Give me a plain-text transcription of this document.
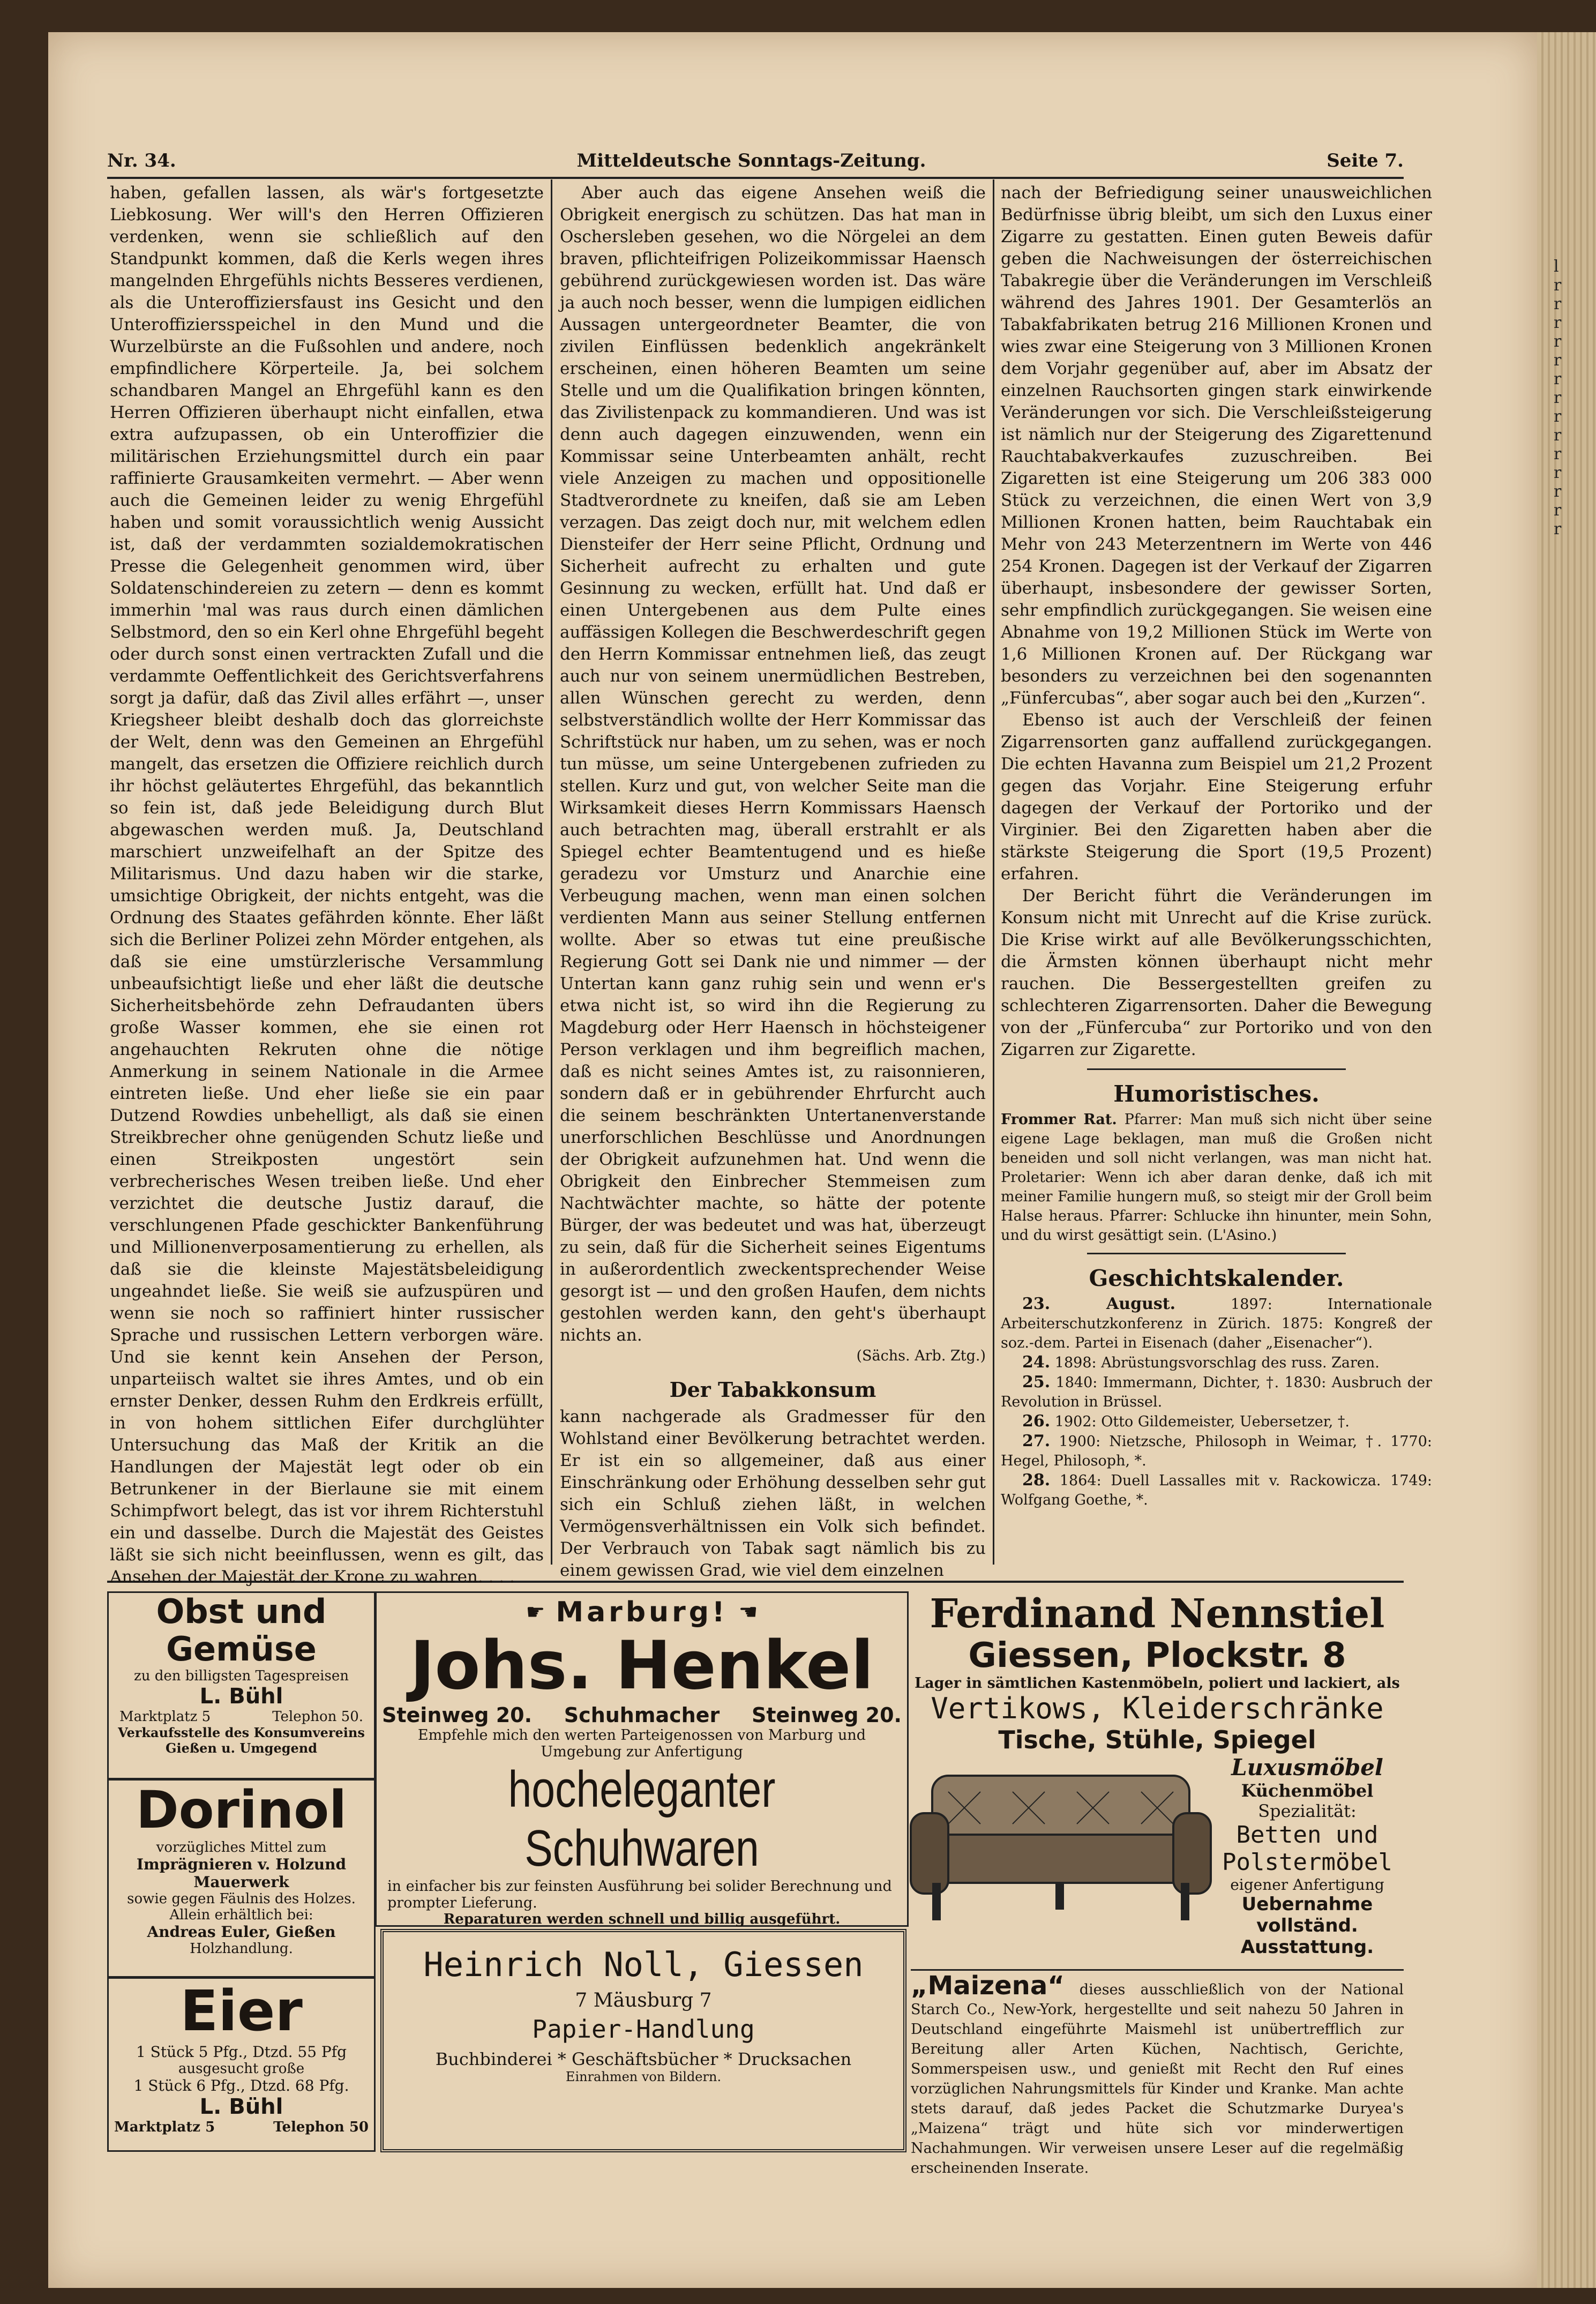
Nr. 34.	Mitteldeutsche Sonntags-Zeitung.	Seite 7.

haben, gefallen lassen, als wär's fortgesetzte Liebkosung. Wer will's den Herren Offizieren verdenken, wenn sie schließlich auf den Standpunkt kommen, daß die Kerls wegen ihres mangelnden Ehrgefühls nichts Besseres verdienen, als die Unteroffiziersfaust ins Gesicht und den Unteroffiziersspeichel in den Mund und die Wurzelbürste an die Fußsohlen und andere, noch empfindlichere Körperteile. Ja, bei solchem schandbaren Mangel an Ehrgefühl kann es den Herren Offizieren überhaupt nicht einfallen, etwa extra aufzupassen, ob ein Unteroffizier die militärischen Erziehungsmittel durch ein paar raffinierte Grausamkeiten vermehrt. — Aber wenn auch die Gemeinen leider zu wenig Ehrgefühl haben und somit voraussichtlich wenig Aussicht ist, daß der verdammten sozialdemokratischen Presse die Gelegenheit genommen wird, über Soldatenschindereien zu zetern — denn es kommt immerhin 'mal was raus durch einen dämlichen Selbstmord, den so ein Kerl ohne Ehrgefühl begeht oder durch sonst einen vertrackten Zufall und die verdammte Oeffentlichkeit des Gerichtsverfahrens sorgt ja dafür, daß das Zivil alles erfährt —, unser Kriegsheer bleibt deshalb doch das glorreichste der Welt, denn was den Gemeinen an Ehrgefühl mangelt, das ersetzen die Offiziere reichlich durch ihr höchst geläutertes Ehrgefühl, das bekanntlich so fein ist, daß jede Beleidigung durch Blut abgewaschen werden muß. Ja, Deutschland marschiert unzweifelhaft an der Spitze des Militarismus. Und dazu haben wir die starke, umsichtige Obrigkeit, der nichts entgeht, was die Ordnung des Staates gefährden könnte. Eher läßt sich die Berliner Polizei zehn Mörder entgehen, als daß sie eine umstürzlerische Versammlung unbeaufsichtigt ließe und eher läßt die deutsche Sicherheitsbehörde zehn Defraudanten übers große Wasser kommen, ehe sie einen rot angehauchten Rekruten ohne die nötige Anmerkung in seinem Nationale in die Armee eintreten ließe. Und eher ließe sie ein paar Dutzend Rowdies unbehelligt, als daß sie einen Streikbrecher ohne genügenden Schutz ließe und einen Streikposten ungestört sein verbrecherisches Wesen treiben ließe. Und eher verzichtet die deutsche Justiz darauf, die verschlungenen Pfade geschickter Bankenführung und Millionenverposamentierung zu erhellen, als daß sie die kleinste Majestätsbeleidigung ungeahndet ließe. Sie weiß sie aufzuspüren und wenn sie noch so raffiniert hinter russischer Sprache und russischen Lettern verborgen wäre. Und sie kennt kein Ansehen der Person, unparteiisch waltet sie ihres Amtes, und ob ein ernster Denker, dessen Ruhm den Erdkreis erfüllt, in von hohem sittlichen Eifer durchglühter Untersuchung das Maß der Kritik an die Handlungen der Majestät legt oder ob ein Betrunkener in der Bierlaune sie mit einem Schimpfwort belegt, das ist vor ihrem Richterstuhl ein und dasselbe. Durch die Majestät des Geistes läßt sie sich nicht beeinflussen, wenn es gilt, das Ansehen der Majestät der Krone zu wahren. . . .

Aber auch das eigene Ansehen weiß die Obrigkeit energisch zu schützen. Das hat man in Oschersleben gesehen, wo die Nörgelei an dem braven, pflichteifrigen Polizeikommissar Haensch gebührend zurückgewiesen worden ist. Das wäre ja auch noch besser, wenn die lumpigen eidlichen Aussagen untergeordneter Beamter, die von zivilen Einflüssen bedenklich angekränkelt erscheinen, einen höheren Beamten um seine Stelle und um die Qualifikation bringen könnten, das Zivilistenpack zu kommandieren. Und was ist denn auch dagegen einzuwenden, wenn ein Kommissar seine Unterbeamten anhält, recht viele Anzeigen zu machen und oppositionelle Stadtverordnete zu kneifen, daß sie am Leben verzagen. Das zeigt doch nur, mit welchem edlen Diensteifer der Herr seine Pflicht, Ordnung und Sicherheit aufrecht zu erhalten und gute Gesinnung zu wecken, erfüllt hat. Und daß er einen Untergebenen aus dem Pulte eines auffässigen Kollegen die Beschwerdeschrift gegen den Herrn Kommissar entnehmen ließ, das zeugt auch nur von seinem unermüdlichen Bestreben, allen Wünschen gerecht zu werden, denn selbstverständlich wollte der Herr Kommissar das Schriftstück nur haben, um zu sehen, was er noch tun müsse, um seine Untergebenen zufrieden zu stellen. Kurz und gut, von welcher Seite man die Wirksamkeit dieses Herrn Kommissars Haensch auch betrachten mag, überall erstrahlt er als Spiegel echter Beamtentugend und es hieße geradezu vor Umsturz und Anarchie eine Verbeugung machen, wenn man einen solchen verdienten Mann aus seiner Stellung entfernen wollte. Aber so etwas tut eine preußische Regierung Gott sei Dank nie und nimmer — der Untertan kann ganz ruhig sein und wenn er's etwa nicht ist, so wird ihn die Regierung zu Magdeburg oder Herr Haensch in höchsteigener Person verklagen und ihm begreiflich machen, daß es nicht seines Amtes ist, zu raisonnieren, sondern daß er in gebührender Ehrfurcht auch die seinem beschränkten Untertanenverstande unerforschlichen Beschlüsse und Anordnungen der Obrigkeit aufzunehmen hat. Und wenn die Obrigkeit den Einbrecher Stemmeisen zum Nachtwächter machte, so hätte der potente Bürger, der was bedeutet und was hat, überzeugt zu sein, daß für die Sicherheit seines Eigentums in außerordentlich zweckentsprechender Weise gesorgt ist — und den großen Haufen, dem nichts gestohlen werden kann, den geht's überhaupt nichts an.

(Sächs. Arb. Ztg.)
Der Tabakkonsum

kann nachgerade als Gradmesser für den Wohlstand einer Bevölkerung betrachtet werden. Er ist ein so allgemeiner, daß aus einer Einschränkung oder Erhöhung desselben sehr gut sich ein Schluß ziehen läßt, in welchen Vermögensverhältnissen ein Volk sich befindet. Der Verbrauch von Tabak sagt nämlich bis zu einem gewissen Grad, wie viel dem einzelnen

nach der Befriedigung seiner unausweichlichen Bedürfnisse übrig bleibt, um sich den Luxus einer Zigarre zu gestatten. Einen guten Beweis dafür geben die Nachweisungen der österreichischen Tabakregie über die Veränderungen im Verschleiß während des Jahres 1901. Der Gesamterlös an Tabakfabrikaten betrug 216 Millionen Kronen und wies zwar eine Steigerung von 3 Millionen Kronen dem Vorjahr gegenüber auf, aber im Absatz der einzelnen Rauchsorten gingen stark einwirkende Veränderungen vor sich. Die Verschleißsteigerung ist nämlich nur der Steigerung des Zigarettenund Rauchtabakverkaufes zuzuschreiben. Bei Zigaretten ist eine Steigerung um 206 383 000 Stück zu verzeichnen, die einen Wert von 3,9 Millionen Kronen hatten, beim Rauchtabak ein Mehr von 243 Meterzentnern im Werte von 446 254 Kronen. Dagegen ist der Verkauf der Zigarren überhaupt, insbesondere der gewisser Sorten, sehr empfindlich zurückgegangen. Sie weisen eine Abnahme von 19,2 Millionen Stück im Werte von 1,6 Millionen Kronen auf. Der Rückgang war besonders zu verzeichnen bei den sogenannten „Fünfercubas“, aber sogar auch bei den „Kurzen“.

Ebenso ist auch der Verschleiß der feinen Zigarrensorten ganz auffallend zurückgegangen. Die echten Havanna zum Beispiel um 21,2 Prozent gegen das Vorjahr. Eine Steigerung erfuhr dagegen der Verkauf der Portoriko und der Virginier. Bei den Zigaretten haben aber die stärkste Steigerung die Sport (19,5 Prozent) erfahren.

Der Bericht führt die Veränderungen im Konsum nicht mit Unrecht auf die Krise zurück. Die Krise wirkt auf alle Bevölkerungsschichten, die Ärmsten können überhaupt nicht mehr rauchen. Die Bessergestellten greifen zu schlechteren Zigarrensorten. Daher die Bewegung von der „Fünfercuba“ zur Portoriko und von den Zigarren zur Zigarette.

Humoristisches.
Frommer Rat. Pfarrer: Man muß sich nicht über seine eigene Lage beklagen, man muß die Großen nicht beneiden und soll nicht verlangen, was man nicht hat. Proletarier: Wenn ich aber daran denke, daß ich mit meiner Familie hungern muß, so steigt mir der Groll beim Halse heraus. Pfarrer: Schlucke ihn hinunter, mein Sohn, und du wirst gesättigt sein. (L'Asino.)
Geschichtskalender.

23. August.	1897: Internationale Arbeiterschutzkonferenz in Zürich. 1875: Kongreß der soz.-dem. Partei in Eisenach (daher „Eisenacher“).

24. 1898: Abrüstungsvorschlag des russ. Zaren.

25. 1840: Immermann, Dichter, †. 1830: Ausbruch der Revolution in Brüssel.

26. 1902: Otto Gildemeister, Uebersetzer, †.

27. 1900: Nietzsche, Philosoph in Weimar, †. 1770: Hegel, Philosoph, *.

28. 1864: Duell Lassalles mit v. Rackowicza. 1749: Wolfgang Goethe, *.

Obst und
Gemüse
zu den billigsten Tagespreisen
L. Bühl
Marktplatz 5	Telephon 50.
Verkaufsstelle des Konsumvereins Gießen u. Umgegend
Dorinol
vorzügliches Mittel zum
Imprägnieren v. Holzund Mauerwerk
sowie gegen Fäulnis des Holzes.
Allein erhältlich bei:
Andreas Euler, Gießen
Holzhandlung.
Eier
1 Stück 5 Pfg., Dtzd. 55 Pfg
ausgesucht große
1 Stück 6 Pfg., Dtzd. 68 Pfg.
L. Bühl
Marktplatz 5	Telephon 50
☛ Marburg! ☚
Johs. Henkel
Steinweg 20. Schuhmacher Steinweg 20.
Empfehle mich den werten Parteigenossen von Marburg und Umgebung zur Anfertigung
hocheleganter Schuhwaren
in einfacher bis zur feinsten Ausführung bei solider Berechnung und prompter Lieferung.
Reparaturen werden schnell und billig ausgeführt.
Heinrich Noll, Giessen
7 Mäusburg 7
Papier-Handlung
Buchbinderei * Geschäftsbücher * Drucksachen
Einrahmen von Bildern.
Ferdinand Nennstiel
Giessen, Plockstr. 8
Lager in sämtlichen Kastenmöbeln, poliert und lackiert, als
Vertikows, Kleiderschränke
Tische, Stühle, Spiegel
Luxusmöbel
Küchenmöbel
Spezialität:
Betten und
Polstermöbel
eigener Anfertigung
Uebernahme vollständ. Ausstattung.
„Maizena“ dieses ausschließlich von der National Starch Co., New-York, hergestellte und seit nahezu 50 Jahren in Deutschland eingeführte Maismehl ist unübertrefflich zur Bereitung aller Arten Küchen, Nachtisch, Gerichte, Sommerspeisen usw., und genießt mit Recht den Ruf eines vorzüglichen Nahrungsmittels für Kinder und Kranke. Man achte stets darauf, daß jedes Packet die Schutzmarke Duryea's „Maizena“ trägt und hüte sich vor minderwertigen Nachahmungen. Wir verweisen unsere Leser auf die regelmäßig erscheinenden Inserate.
l
r
r
r
r
r
r
r
r
r
r
r
r
r
r
